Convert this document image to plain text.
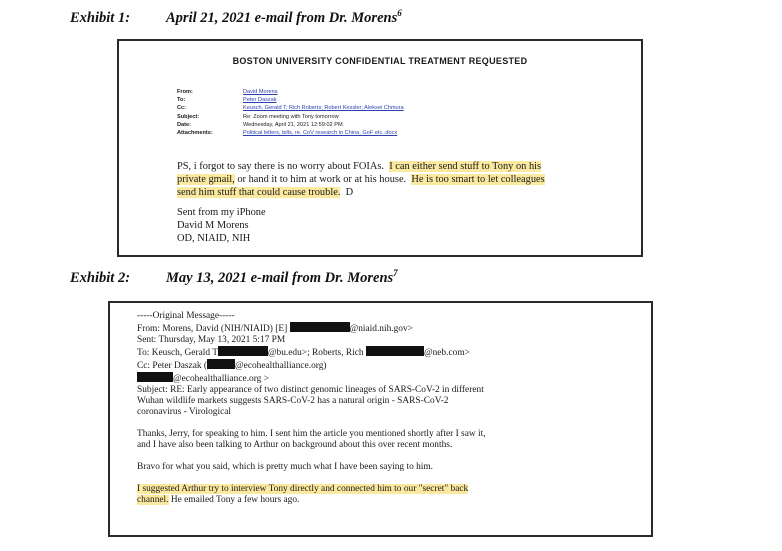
Exhibit 1: April 21, 2021 e-mail from Dr. Morens$^6$
BOSTON UNIVERSITY CONFIDENTIAL TREATMENT REQUESTED
From:	David Morens
To:	Peter Daszak
Cc:	Keusch, Gerald T; Rich Roberts; Robert Kessler; Aleksei Chmura
Subject:	Re: Zoom meeting with Tony tomorrow
Date:	Wednesday, April 21, 2021 12:59:02 PM
Attachments:	Political letters, bills, re. CoV research in China, GoF etc..docx
PS, i forgot to say there is no worry about FOIAs. I can either send stuff to Tony on his private gmail, or hand it to him at work or at his house. He is too smart to let colleagues send him stuff that could cause trouble. D
Sent from my iPhone
David M Morens
OD, NIAID, NIH
Exhibit 2: May 13, 2021 e-mail from Dr. Morens$^7$
-----Original Message-----
From: Morens, David (NIH/NIAID) [E]	@niaid.nih.gov>
Sent: Thursday, May 13, 2021 5:17 PM
To: Keusch, Gerald T	@bu.edu>; Roberts, Rich	@neb.com>
Cc: Peter Daszak (	@ecohealthalliance.org)
@ecohealthalliance.org >
Subject: RE: Early appearance of two distinct genomic lineages of SARS-CoV-2 in different Wuhan wildlife markets suggests SARS-CoV-2 has a natural origin - SARS-CoV-2 coronavirus - Virological

Thanks, Jerry, for speaking to him. I sent him the article you mentioned shortly after I saw it, and I have also been talking to Arthur on background about this over recent months.

Bravo for what you said, which is pretty much what I have been saying to him.

I suggested Arthur try to interview Tony directly and connected him to our "secret" back channel. He emailed Tony a few hours ago.
